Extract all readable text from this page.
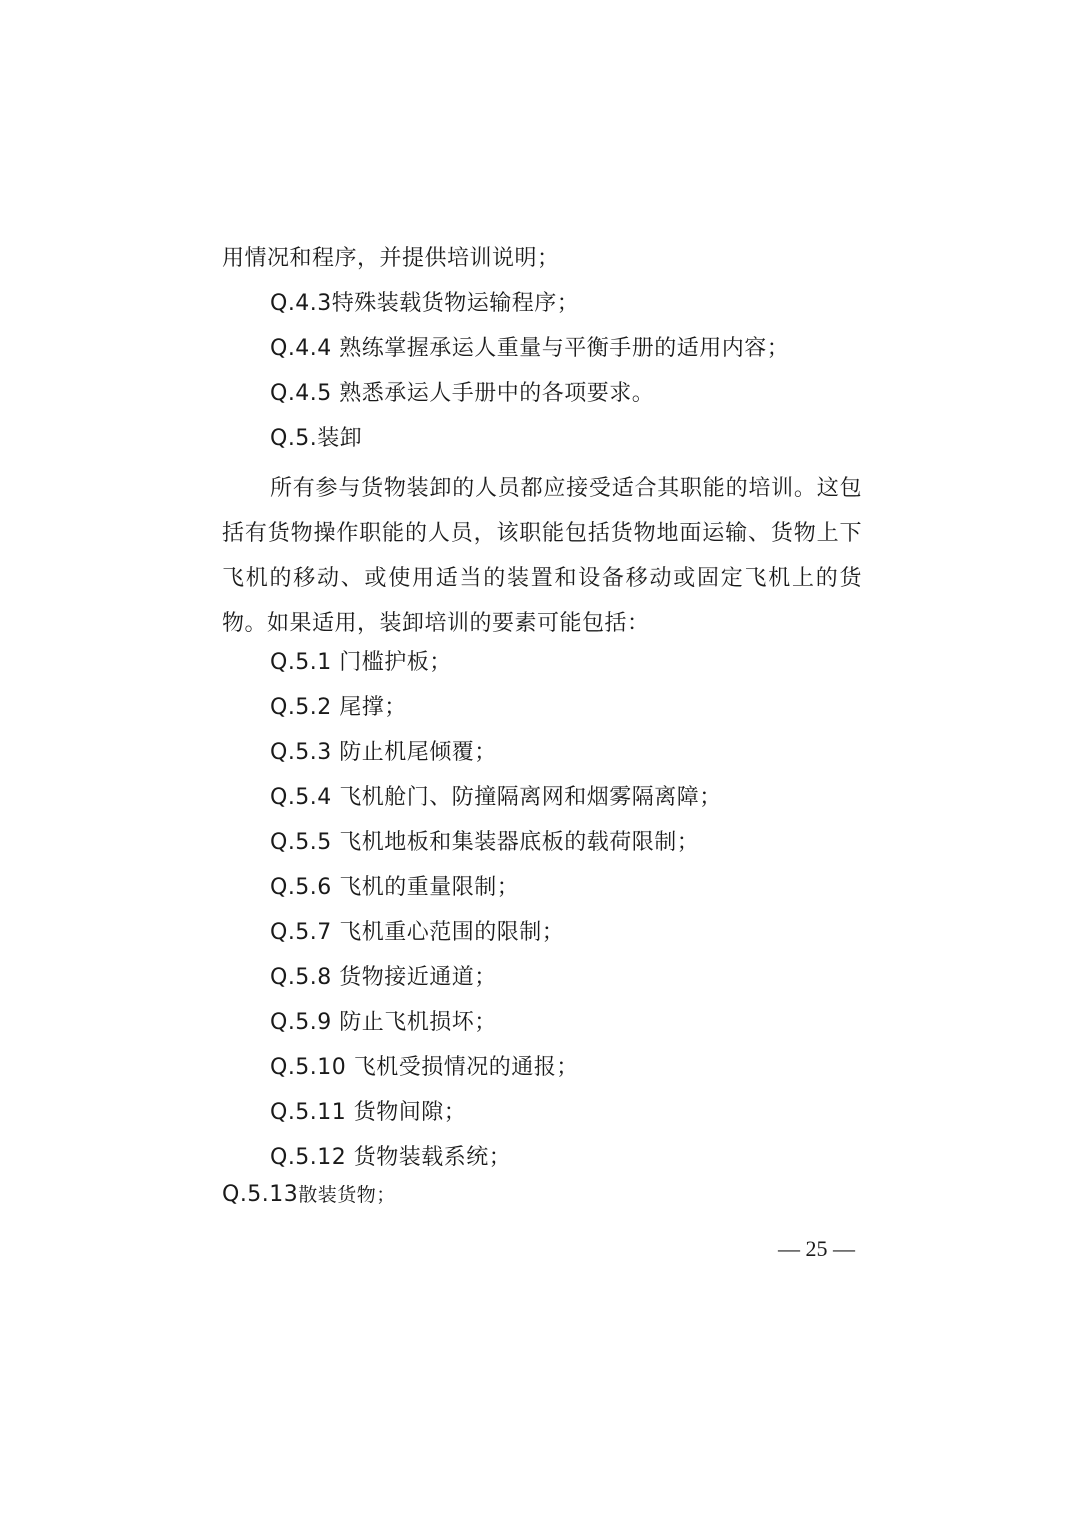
用情况和程序，并提供培训说明；
Q.4.3特殊装载货物运输程序；
Q.4.4 熟练掌握承运人重量与平衡手册的适用内容；
Q.4.5 熟悉承运人手册中的各项要求。
Q.5.装卸
所有参与货物装卸的人员都应接受适合其职能的培训。这包括有货物操作职能的人员，该职能包括货物地面运输、货物上下飞机的移动、或使用适当的装置和设备移动或固定飞机上的货物。如果适用，装卸培训的要素可能包括：
Q.5.1 门槛护板；
Q.5.2 尾撑；
Q.5.3 防止机尾倾覆；
Q.5.4 飞机舱门、防撞隔离网和烟雾隔离障；
Q.5.5 飞机地板和集装器底板的载荷限制；
Q.5.6 飞机的重量限制；
Q.5.7 飞机重心范围的限制；
Q.5.8 货物接近通道；
Q.5.9 防止飞机损坏；
Q.5.10 飞机受损情况的通报；
Q.5.11 货物间隙；
Q.5.12 货物装载系统；
Q.5.13散装货物；
— 25 —
